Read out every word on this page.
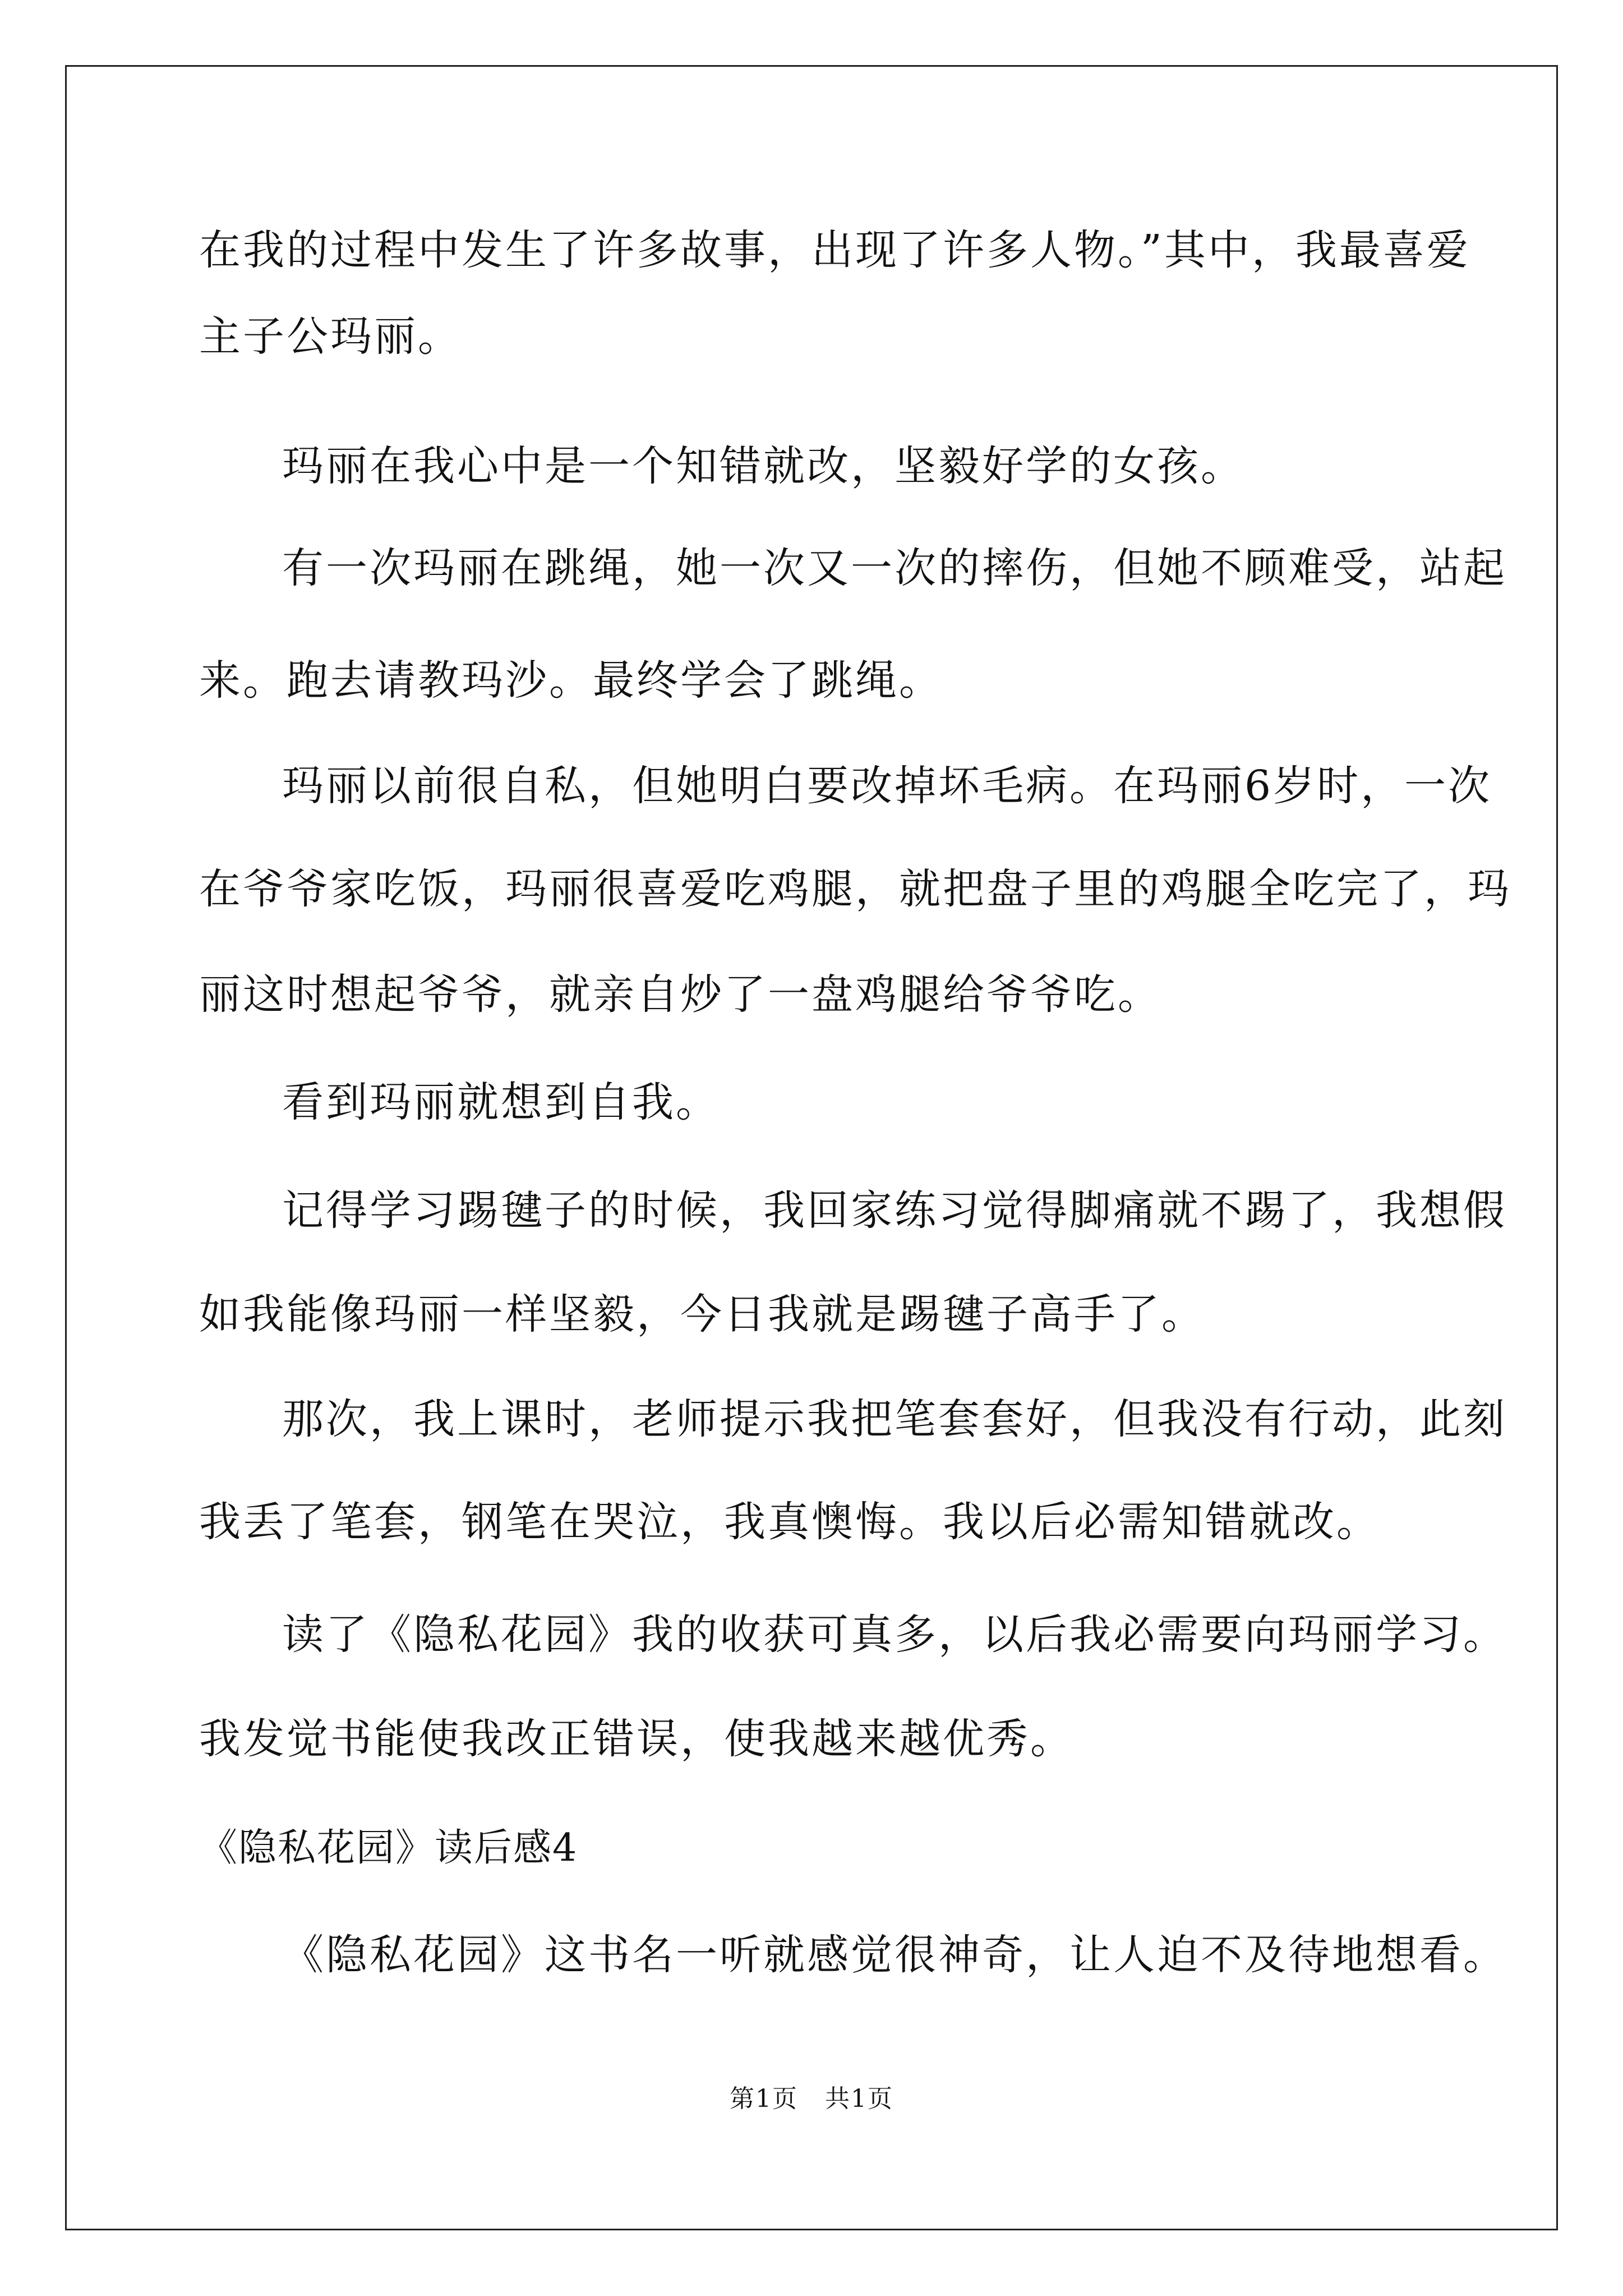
在我的过程中发生了许多故事，出现了许多人物。”其中，我最喜爱
主子公玛丽。
玛丽在我心中是一个知错就改，坚毅好学的女孩。
有一次玛丽在跳绳，她一次又一次的摔伤，但她不顾难受，站起
来。跑去请教玛沙。最终学会了跳绳。
玛丽以前很自私，但她明白要改掉坏毛病。在玛丽6岁时，一次
在爷爷家吃饭，玛丽很喜爱吃鸡腿，就把盘子里的鸡腿全吃完了，玛
丽这时想起爷爷，就亲自炒了一盘鸡腿给爷爷吃。
看到玛丽就想到自我。
记得学习踢毽子的时候，我回家练习觉得脚痛就不踢了，我想假
如我能像玛丽一样坚毅，今日我就是踢毽子高手了。
那次，我上课时，老师提示我把笔套套好，但我没有行动，此刻
我丢了笔套，钢笔在哭泣，我真懊悔。我以后必需知错就改。
读了《隐私花园》我的收获可真多，以后我必需要向玛丽学习。
我发觉书能使我改正错误，使我越来越优秀。
《隐私花园》读后感4
《隐私花园》这书名一听就感觉很神奇，让人迫不及待地想看。
第1页   共1页
